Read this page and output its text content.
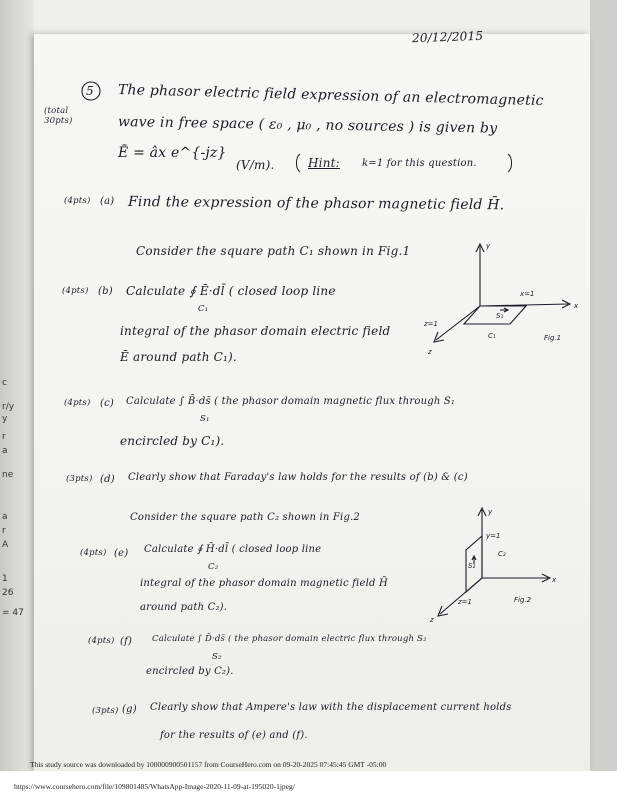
c
r/y
y
r
a
ne
a
r
A
1
26
= 47
20/12/2015
5
(total
30pts)
The phasor electric field expression of an electromagnetic
wave in free space ( ε₀ , μ₀ , no sources ) is given by
Ē = âx e^{-jz}
(V/m).	Hint: k=1 for this question.
(4pts) (a) Find the expression of the phasor magnetic field H̄.
Consider the square path C₁ shown in Fig.1
(4pts) (b) Calculate ∮ Ē·dl̄ ( closed loop line
C₁
integral of the phasor domain electric field
Ē around path C₁).
y
x
z
x=1
z=1
S₁
C₁	Fig.1
(4pts) (c) Calculate ∫ B̄·ds̄ ( the phasor domain magnetic flux through S₁
S₁
encircled by C₁).
(3pts) (d) Clearly show that Faraday's law holds for the results of (b) & (c)
Consider the square path C₂ shown in Fig.2
(4pts) (e) Calculate ∮ H̄·dl̄ ( closed loop line
C₂
integral of the phasor domain magnetic field H̄
around path C₂).
y
x
z
y=1
z=1
S₂
C₂
Fig.2
(4pts) (f) Calculate ∫ D̄·ds̄ ( the phasor domain electric flux through S₂
S₂
encircled by C₂).
(3pts) (g) Clearly show that Ampere's law with the displacement current holds
for the results of (e) and (f).
This study source was downloaded by 100000900501157 from CourseHero.com on 09-20-2025 07:45:45 GMT -05:00
https://www.coursehero.com/file/109801485/WhatsApp-Image-2020-11-09-at-195020-1jpeg/
